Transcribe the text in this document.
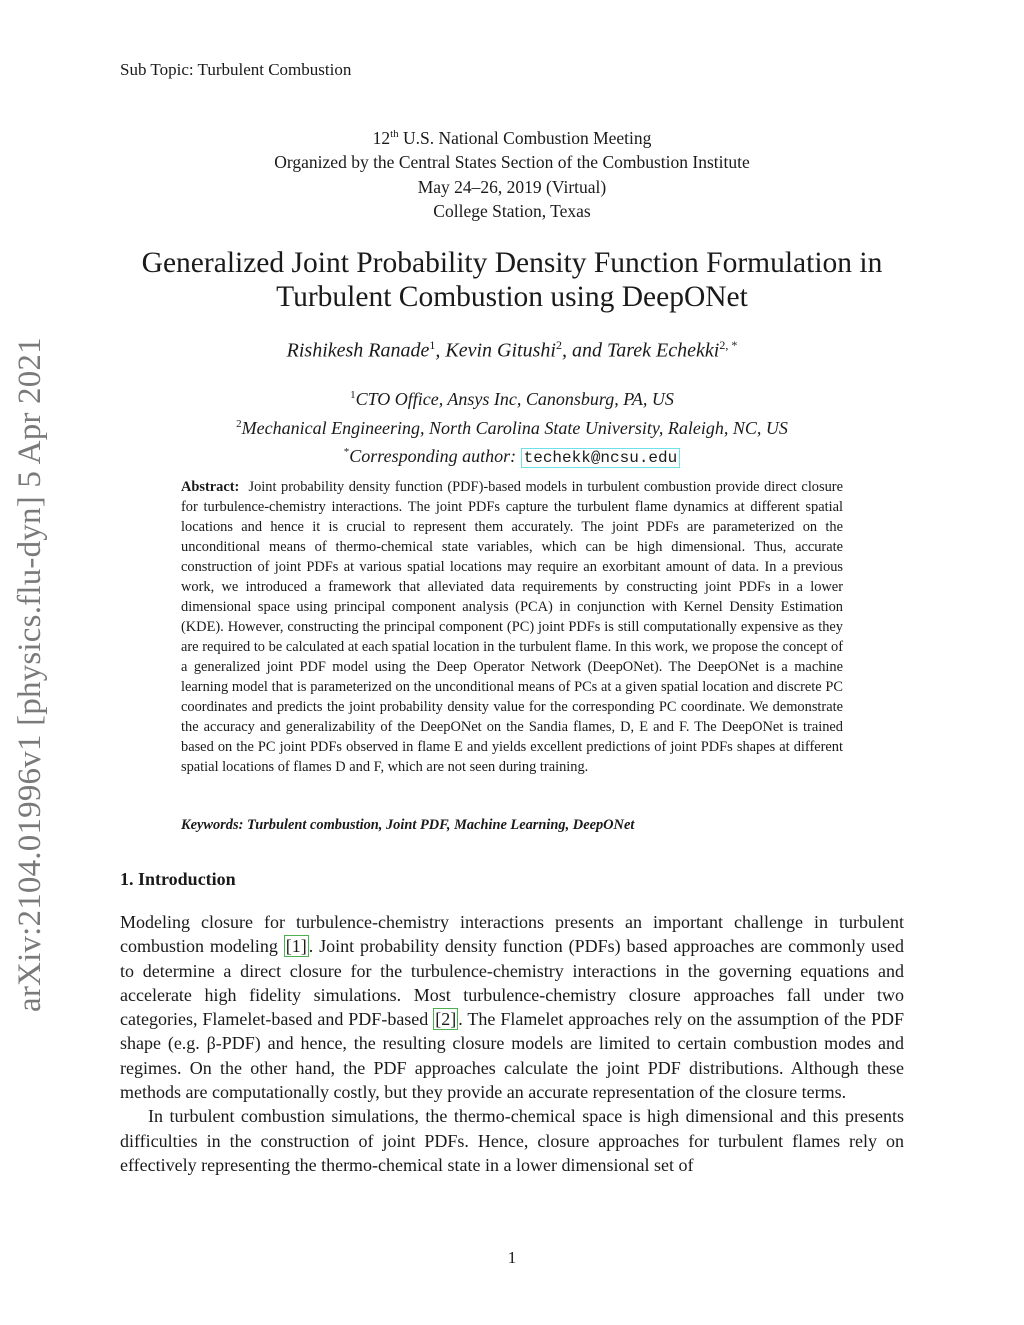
Sub Topic: Turbulent Combustion
arXiv:2104.01996v1 [physics.flu-dyn] 5 Apr 2021
12th U.S. National Combustion Meeting
Organized by the Central States Section of the Combustion Institute
May 24–26, 2019 (Virtual)
College Station, Texas
Generalized Joint Probability Density Function Formulation in
Turbulent Combustion using DeepONet
Rishikesh Ranade$^1$, Kevin Gitushi$^2$, and Tarek Echekki$^{2, *}$
$^1$CTO Office, Ansys Inc, Canonsburg, PA, US
$^2$Mechanical Engineering, North Carolina State University, Raleigh, NC, US
*Corresponding author: techekk@ncsu.edu
Abstract: Joint probability density function (PDF)-based models in turbulent combustion provide direct closure for turbulence-chemistry interactions. The joint PDFs capture the turbulent flame dynamics at different spatial locations and hence it is crucial to represent them accurately. The joint PDFs are parameterized on the unconditional means of thermo-chemical state variables, which can be high dimensional. Thus, accurate construction of joint PDFs at various spatial locations may require an exorbitant amount of data. In a previous work, we introduced a framework that alleviated data requirements by constructing joint PDFs in a lower dimensional space using principal component analysis (PCA) in conjunction with Kernel Density Estimation (KDE). However, constructing the principal component (PC) joint PDFs is still computationally expensive as they are required to be calculated at each spatial location in the turbulent flame. In this work, we propose the concept of a generalized joint PDF model using the Deep Operator Network (DeepONet). The DeepONet is a machine learning model that is parameterized on the unconditional means of PCs at a given spatial location and discrete PC coordinates and predicts the joint probability density value for the corresponding PC coordinate. We demonstrate the accuracy and generalizability of the DeepONet on the Sandia flames, D, E and F. The DeepONet is trained based on the PC joint PDFs observed in flame E and yields excellent predictions of joint PDFs shapes at different spatial locations of flames D and F, which are not seen during training.
Keywords: Turbulent combustion, Joint PDF, Machine Learning, DeepONet
1. Introduction

Modeling closure for turbulence-chemistry interactions presents an important challenge in turbulent combustion modeling [1] . Joint probability density function (PDFs) based approaches are commonly used to determine a direct closure for the turbulence-chemistry interactions in the governing equations and accelerate high fidelity simulations. Most turbulence-chemistry closure approaches fall under two categories, Flamelet-based and PDF-based [2] . The Flamelet approaches rely on the assumption of the PDF shape (e.g. β-PDF) and hence, the resulting closure models are limited to certain combustion modes and regimes. On the other hand, the PDF approaches calculate the joint PDF distributions. Although these methods are computationally costly, but they provide an accurate representation of the closure terms.

In turbulent combustion simulations, the thermo-chemical space is high dimensional and this presents difficulties in the construction of joint PDFs. Hence, closure approaches for turbulent flames rely on effectively representing the thermo-chemical state in a lower dimensional set of

1
